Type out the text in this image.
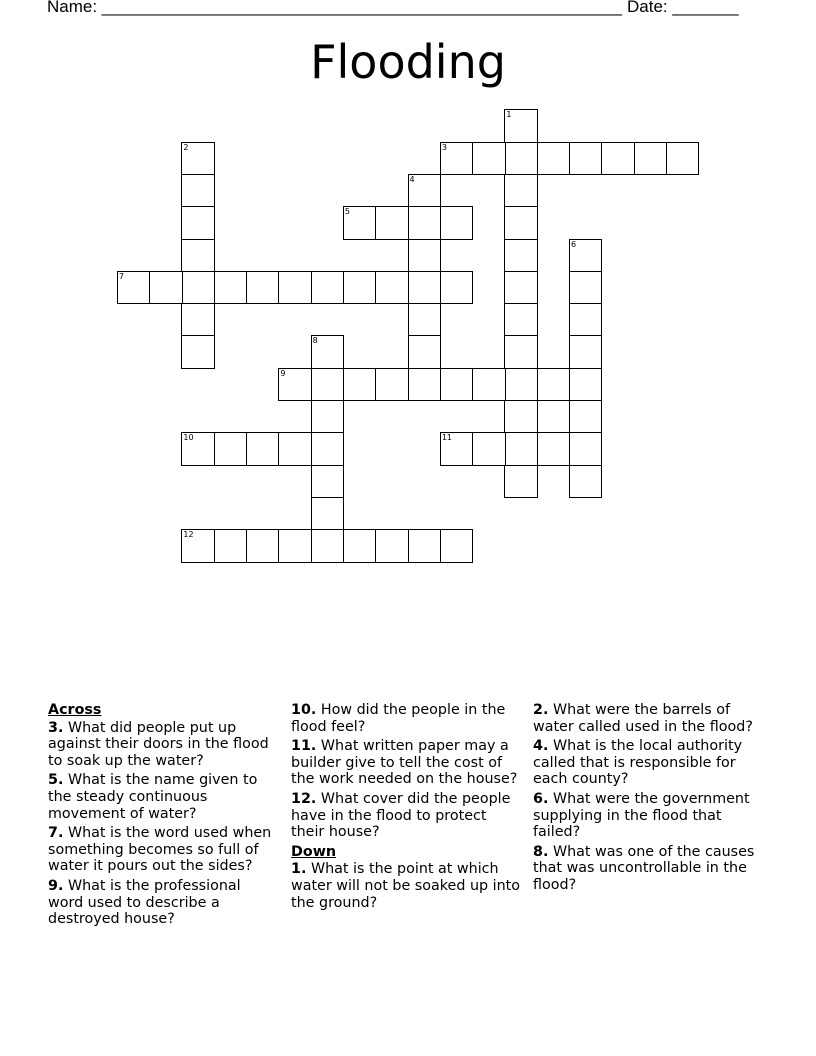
Name: _______________________________________________________ Date: _______
Flooding
1
2	3
4
5
6
7
8
9
10	11
12
Across
3. What did people put up against their doors in the flood to soak up the water?
5. What is the name given to the steady continuous movement of water?
7. What is the word used when something becomes so full of water it pours out the sides?
9. What is the professional word used to describe a destroyed house?
10. How did the people in the flood feel?
11. What written paper may a builder give to tell the cost of the work needed on the house?
12. What cover did the people have in the flood to protect their house?
Down
1. What is the point at which water will not be soaked up into the ground?
2. What were the barrels of water called used in the flood?
4. What is the local authority called that is responsible for each county?
6. What were the government supplying in the flood that failed?
8. What was one of the causes that was uncontrollable in the flood?
